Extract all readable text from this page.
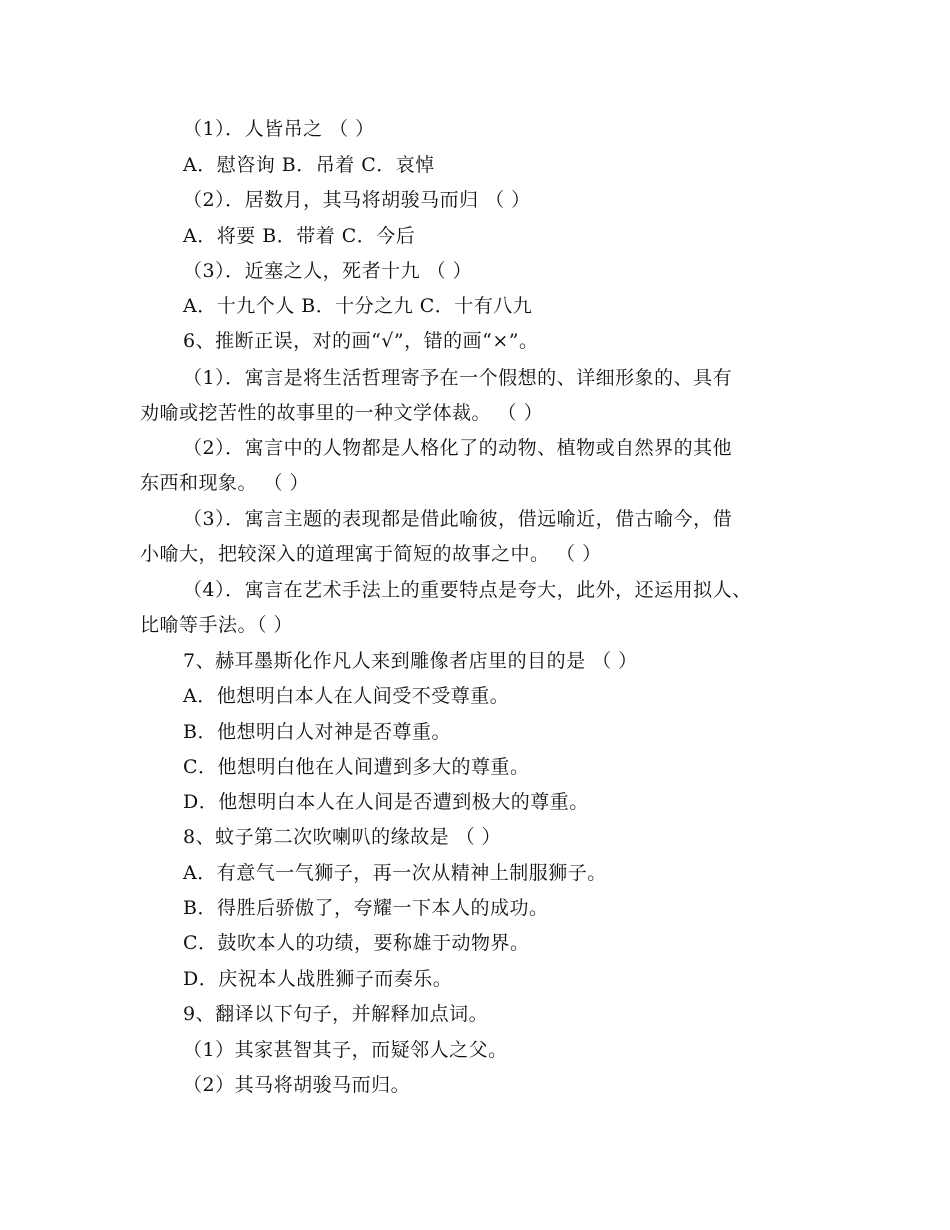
（1）．人皆吊之 （ ）
A．慰咨询 B．吊着 C．哀悼
（2）．居数月，其马将胡骏马而归 （ ）
A．将要 B．带着 C．今后
（3）．近塞之人，死者十九 （ ）
A．十九个人 B．十分之九 C．十有八九
6、推断正误，对的画“√”，错的画“×”。
（1）．寓言是将生活哲理寄予在一个假想的、详细形象的、具有
劝喻或挖苦性的故事里的一种文学体裁。 （ ）
（2）．寓言中的人物都是人格化了的动物、植物或自然界的其他
东西和现象。 （ ）
（3）．寓言主题的表现都是借此喻彼，借远喻近，借古喻今，借
小喻大，把较深入的道理寓于简短的故事之中。 （ ）
（4）．寓言在艺术手法上的重要特点是夸大，此外，还运用拟人、
比喻等手法。（ ）
7、赫耳墨斯化作凡人来到雕像者店里的目的是 （ ）
A．他想明白本人在人间受不受尊重。
B．他想明白人对神是否尊重。
C．他想明白他在人间遭到多大的尊重。
D．他想明白本人在人间是否遭到极大的尊重。
8、蚊子第二次吹喇叭的缘故是 （ ）
A．有意气一气狮子，再一次从精神上制服狮子。
B．得胜后骄傲了，夸耀一下本人的成功。
C．鼓吹本人的功绩，要称雄于动物界。
D．庆祝本人战胜狮子而奏乐。
9、翻译以下句子，并解释加点词。
（1）其家甚智其子，而疑邻人之父。
（2）其马将胡骏马而归。
